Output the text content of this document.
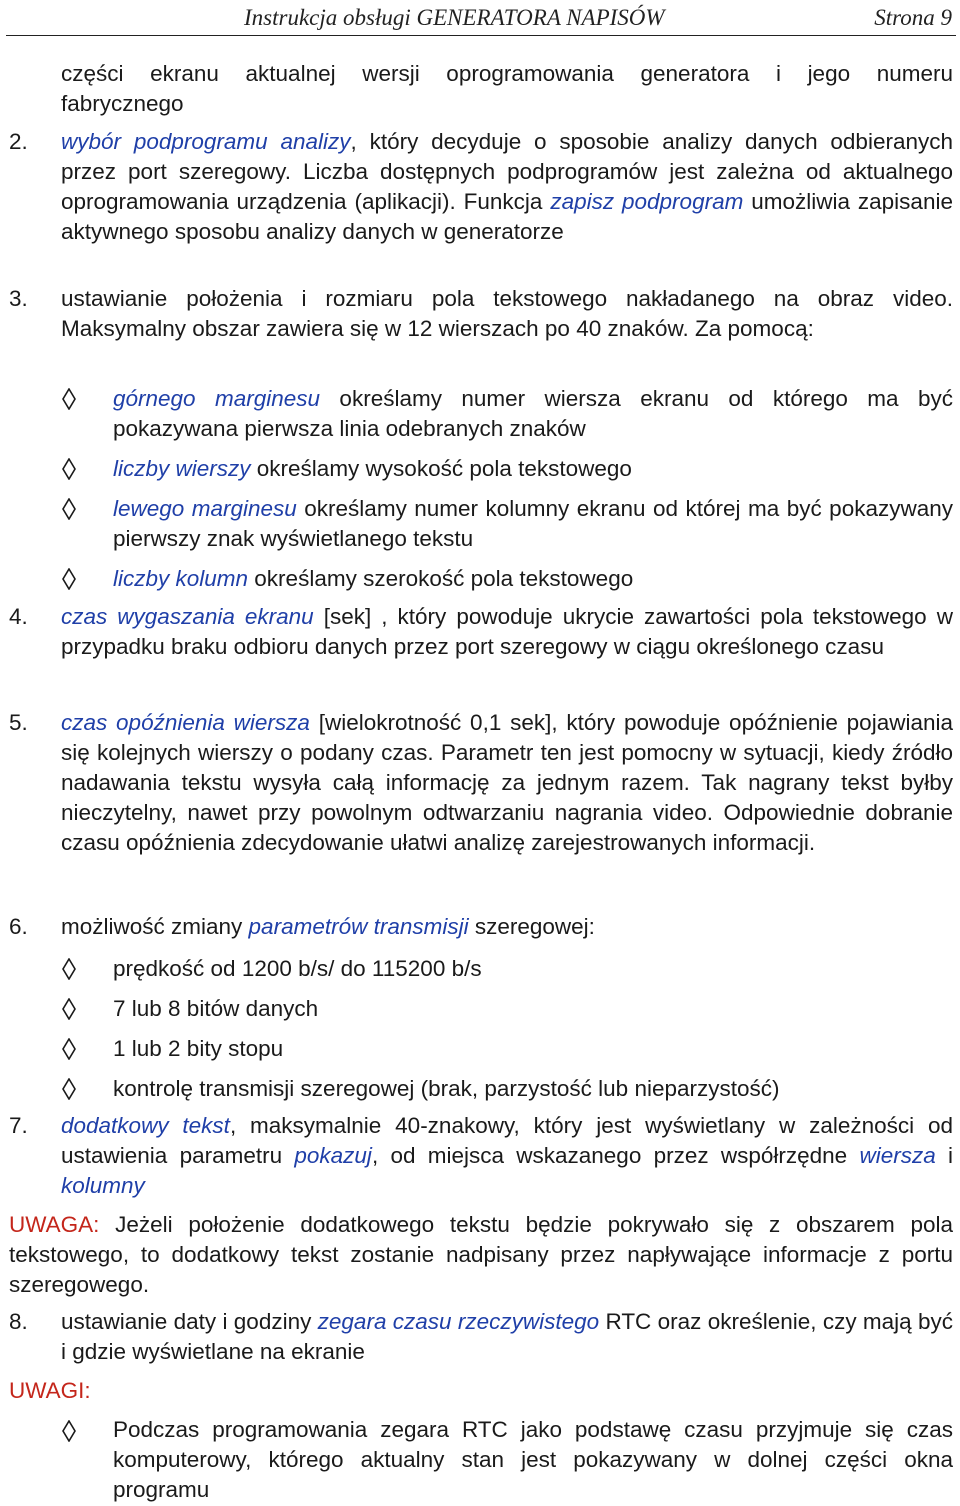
Instrukcja obsługi GENERATORA NAPISÓW	Strona 9
części ekranu aktualnej wersji oprogramowania generatora i jego numeru
fabrycznego
2. wybór podprogramu analizy, który decyduje o sposobie analizy danych odbieranych przez port szeregowy. Liczba dostępnych podprogramów jest zależna od aktualnego oprogramowania urządzenia (aplikacji). Funkcja zapisz podprogram umożliwia zapisanie aktywnego sposobu analizy danych w generatorze
3. ustawianie położenia i rozmiaru pola tekstowego nakładanego na obraz video. Maksymalny obszar zawiera się w 12 wierszach po 40 znaków. Za pomocą:
górnego marginesu określamy numer wiersza ekranu od którego ma być pokazywana pierwsza linia odebranych znaków
liczby wierszy określamy wysokość pola tekstowego
lewego marginesu określamy numer kolumny ekranu od której ma być pokazywany pierwszy znak wyświetlanego tekstu
liczby kolumn określamy szerokość pola tekstowego
4. czas wygaszania ekranu [sek] , który powoduje ukrycie zawartości pola tekstowego w przypadku braku odbioru danych przez port szeregowy w ciągu określonego czasu
5. czas opóźnienia wiersza [wielokrotność 0,1 sek], który powoduje opóźnienie pojawiania się kolejnych wierszy o podany czas. Parametr ten jest pomocny w sytuacji, kiedy źródło nadawania tekstu wysyła całą informację za jednym razem. Tak nagrany tekst byłby nieczytelny, nawet przy powolnym odtwarzaniu nagrania video. Odpowiednie dobranie czasu opóźnienia zdecydowanie ułatwi analizę zarejestrowanych informacji.
6. możliwość zmiany parametrów transmisji szeregowej:
prędkość od 1200 b/s/ do 115200 b/s
7 lub 8 bitów danych
1 lub 2 bity stopu
kontrolę transmisji szeregowej (brak, parzystość lub nieparzystość)
7. dodatkowy tekst, maksymalnie 40-znakowy, który jest wyświetlany w zależności od ustawienia parametru pokazuj, od miejsca wskazanego przez współrzędne wiersza i kolumny
UWAGA: Jeżeli położenie dodatkowego tekstu będzie pokrywało się z obszarem pola tekstowego, to dodatkowy tekst zostanie nadpisany przez napływające informacje z portu szeregowego.
8. ustawianie daty i godziny zegara czasu rzeczywistego RTC oraz określenie, czy mają być i gdzie wyświetlane na ekranie
UWAGI:
Podczas programowania zegara RTC jako podstawę czasu przyjmuje się czas komputerowy, którego aktualny stan jest pokazywany w dolnej części okna programu
